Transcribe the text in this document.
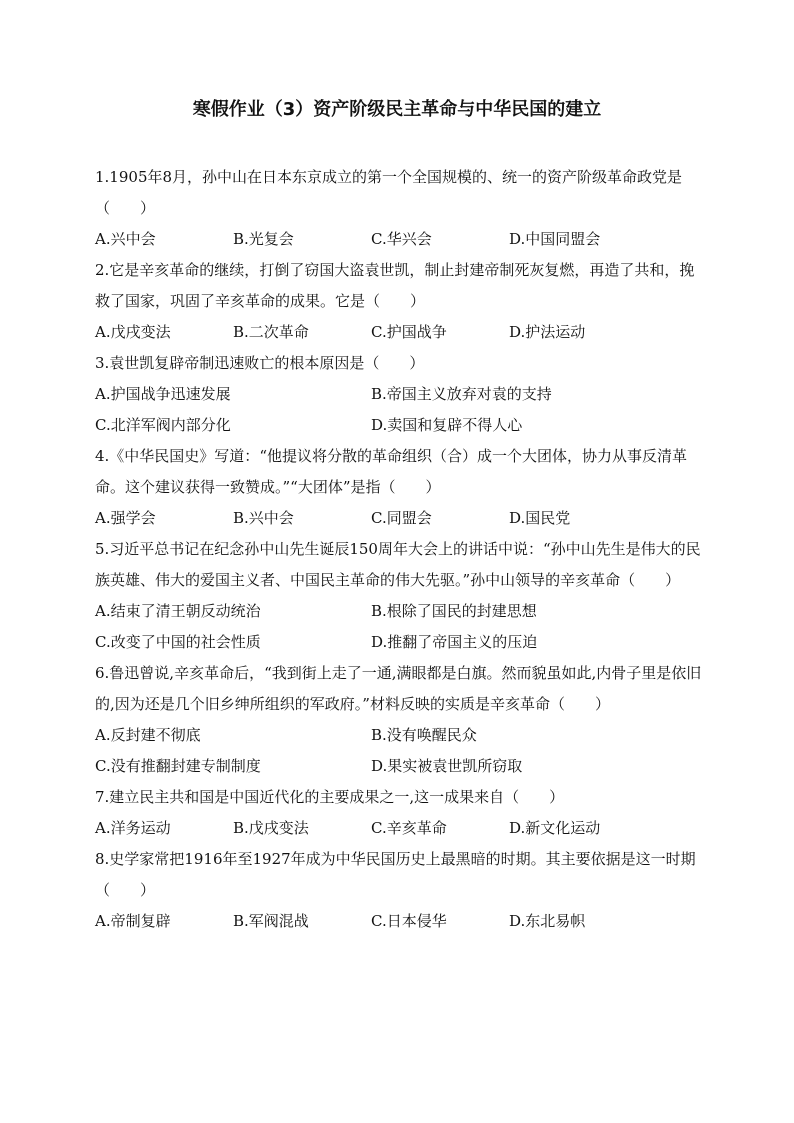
寒假作业（3）资产阶级民主革命与中华民国的建立

1.1905年8月，孙中山在日本东京成立的第一个全国规模的、统一的资产阶级革命政党是（　　）

A.兴中会	B.光复会	C.华兴会	D.中国同盟会

2.它是辛亥革命的继续，打倒了窃国大盗袁世凯，制止封建帝制死灰复燃，再造了共和，挽救了国家，巩固了辛亥革命的成果。它是（　　）

A.戊戌变法	B.二次革命	C.护国战争	D.护法运动

3.袁世凯复辟帝制迅速败亡的根本原因是（　　）

A.护国战争迅速发展	B.帝国主义放弃对袁的支持
C.北洋军阀内部分化	D.卖国和复辟不得人心

4.《中华民国史》写道：“他提议将分散的革命组织（合）成一个大团体，协力从事反清革命。这个建议获得一致赞成。”“大团体”是指（　　）

A.强学会	B.兴中会	C.同盟会	D.国民党

5.习近平总书记在纪念孙中山先生诞辰150周年大会上的讲话中说：“孙中山先生是伟大的民族英雄、伟大的爱国主义者、中国民主革命的伟大先驱。”孙中山领导的辛亥革命（　　）

A.结束了清王朝反动统治	B.根除了国民的封建思想
C.改变了中国的社会性质	D.推翻了帝国主义的压迫

6.鲁迅曾说,辛亥革命后，“我到街上走了一通,满眼都是白旗。然而貌虽如此,内骨子里是依旧的,因为还是几个旧乡绅所组织的军政府。”材料反映的实质是辛亥革命（　　）

A.反封建不彻底	B.没有唤醒民众
C.没有推翻封建专制制度	D.果实被袁世凯所窃取

7.建立民主共和国是中国近代化的主要成果之一,这一成果来自（　　）

A.洋务运动	B.戊戌变法	C.辛亥革命	D.新文化运动

8.史学家常把1916年至1927年成为中华民国历史上最黑暗的时期。其主要依据是这一时期（　　）

A.帝制复辟	B.军阀混战	C.日本侵华	D.东北易帜
